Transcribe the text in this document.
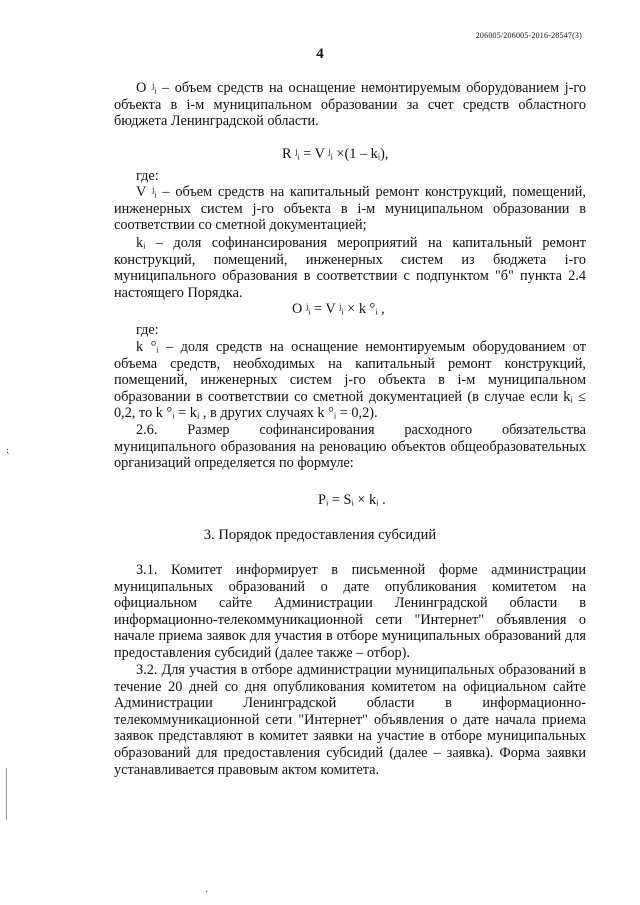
206005/206005-2016-28547(3)
4

О ʲᵢ – объем средств на оснащение немонтируемым оборудованием j-го объекта в i-м муниципальном образовании за счет средств областного бюджета Ленинградской области.

R ʲᵢ = V ʲᵢ ×(1 – kᵢ),

где:

V ʲᵢ – объем средств на капитальный ремонт конструкций, помещений, инженерных систем j-го объекта в i-м муниципальном образовании в соответствии со сметной документацией;

kᵢ – доля софинансирования мероприятий на капитальный ремонт конструкций, помещений, инженерных систем из бюджета i-го муниципального образования в соответствии с подпунктом "б" пункта 2.4 настоящего Порядка.

O ʲᵢ = V ʲᵢ × k °ᵢ ,

где:

k °ᵢ – доля средств на оснащение немонтируемым оборудованием от объема средств, необходимых на капитальный ремонт конструкций, помещений, инженерных систем j-го объекта в i-м муниципальном образовании в соответствии со сметной документацией (в случае если kᵢ ≤ 0,2, то k °ᵢ = kᵢ , в других случаях k °ᵢ = 0,2).

2.6. Размер софинансирования расходного обязательства муниципального образования на реновацию объектов общеобразовательных организаций определяется по формуле:

Pᵢ = Sᵢ × kᵢ .
3. Порядок предоставления субсидий

3.1. Комитет информирует в письменной форме администрации муниципальных образований о дате опубликования комитетом на официальном сайте Администрации Ленинградской области в информационно-телекоммуникационной сети "Интернет" объявления о начале приема заявок для участия в отборе муниципальных образований для предоставления субсидий (далее также – отбор).

3.2. Для участия в отборе администрации муниципальных образований в течение 20 дней со дня опубликования комитетом на официальном сайте Администрации Ленинградской области в информационно-телекоммуникационной сети "Интернет" объявления о дате начала приема заявок представляют в комитет заявки на участие в отборе муниципальных образований для предоставления субсидий (далее – заявка). Форма заявки устанавливается правовым актом комитета.

⁏
⸼
